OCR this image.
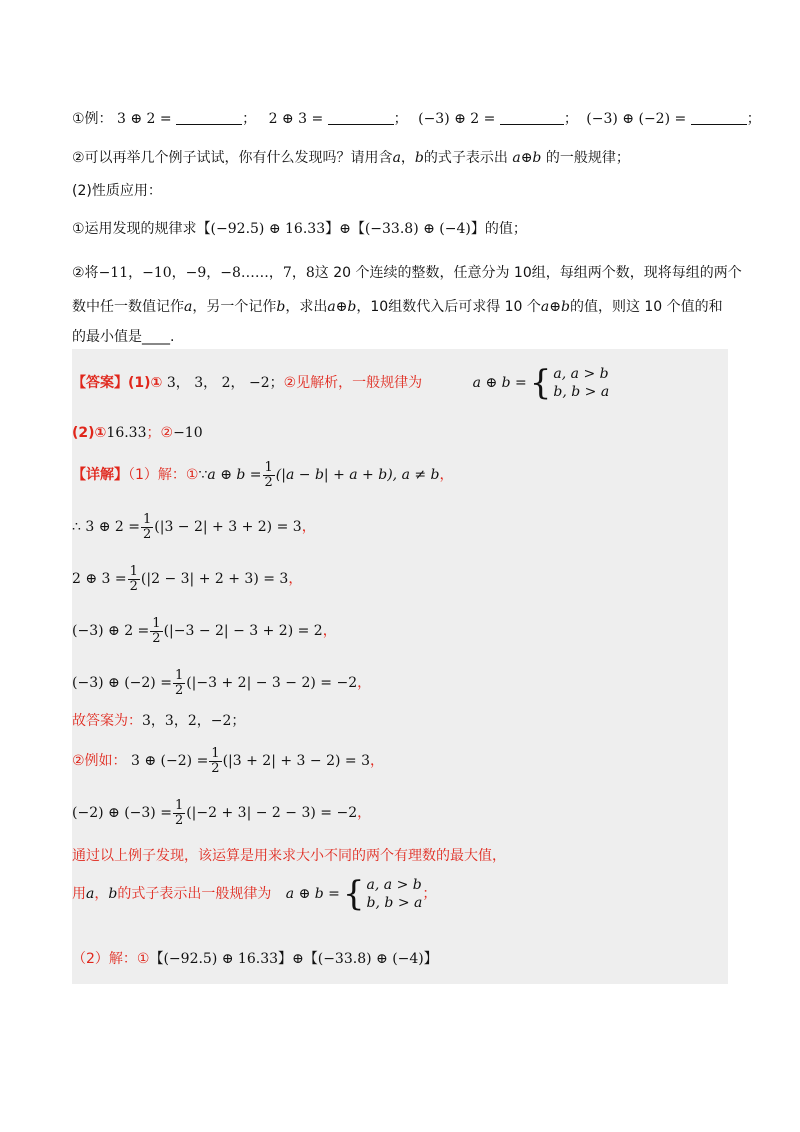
①例： 3 ⊕ 2 =	； 2 ⊕ 3 =	； (−3) ⊕ 2 =	； (−3) ⊕ (−2) =	；
②可以再举几个例子试试，你有什么发现吗？请用含a，b的式子表示出 a⊕b 的一般规律；
(2)性质应用：
①运用发现的规律求【(−92.5) ⊕ 16.33】⊕【(−33.8) ⊕ (−4)】的值；
②将−11，−10，−9，−8……，7，8这 20 个连续的整数，任意分为 10组，每组两个数，现将每组的两个
数中任一数值记作a，另一个记作b，求出a⊕b，10组数代入后可求得 10 个a⊕b的值，则这 10 个值的和
的最小值是____.
【答案】(1)① 3， 3， 2， −2；②见解析，一般规律为	a ⊕ b = { a, a > b
b, b > a
(2)①16.33；②−10
【详解】（1）解：①∵a ⊕ $b = \frac{1}{2} (|a - b| + a + b)$, a ≠ b，
∴ 3 ⊕ $2 = \frac{1}{2} (|3 - 2| + 3 + 2) = 3$，
2 ⊕ $3 = \frac{1}{2} (|2 - 3| + 2 + 3) = 3$，
(−3) ⊕ $2 = \frac{1}{2} (|-3 - 2| - 3 + 2) = 2$，
(−3) ⊕ $(-2) = \frac{1}{2} (|-3 + 2| - 3 - 2) = -2$，
故答案为：3，3，2，−2；
②例如： 3 ⊕ $(-2) = \frac{1}{2} (|3 + 2| + 3 - 2) = 3$，
(−2) ⊕ $(-3) = \frac{1}{2} (|-2 + 3| - 2 - 3) = -2$，
通过以上例子发现，该运算是用来求大小不同的两个有理数的最大值，
用a，b的式子表示出一般规律为 a ⊕ b = { a, a > b
b, b > a
；
（2）解：①【(−92.5) ⊕ 16.33】⊕【(−33.8) ⊕ (−4)】
